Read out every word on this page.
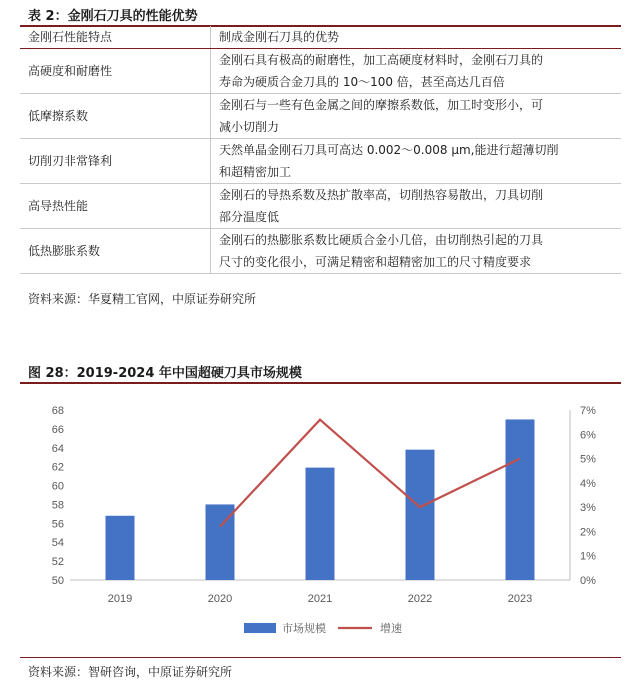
表 2：金刚石刀具的性能优势
金刚石性能特点	制成金刚石刀具的优势
高硬度和耐磨性	金刚石具有极高的耐磨性，加工高硬度材料时，金刚石刀具的
寿命为硬质合金刀具的 10～100 倍，甚至高达几百倍

低摩擦系数	金刚石与一些有色金属之间的摩擦系数低，加工时变形小，可
减小切削力

切削刃非常锋利	天然单晶金刚石刀具可高达 0.002～0.008 μm,能进行超薄切削
和超精密加工

高导热性能	金刚石的导热系数及热扩散率高，切削热容易散出，刀具切削
部分温度低

低热膨胀系数	金刚石的热膨胀系数比硬质合金小几倍，由切削热引起的刀具
尺寸的变化很小，可满足精密和超精密加工的尺寸精度要求
资料来源：华夏精工官网，中原证券研究所
图 28：2019-2024 年中国超硬刀具市场规模
50
52
54
56
58
60
62
64
66
68
0%
1%
2%
3%
4%
5%
6%
7%
2019	2020	2021	2022	2023
市场规模	增速
资料来源：智研咨询，中原证券研究所
